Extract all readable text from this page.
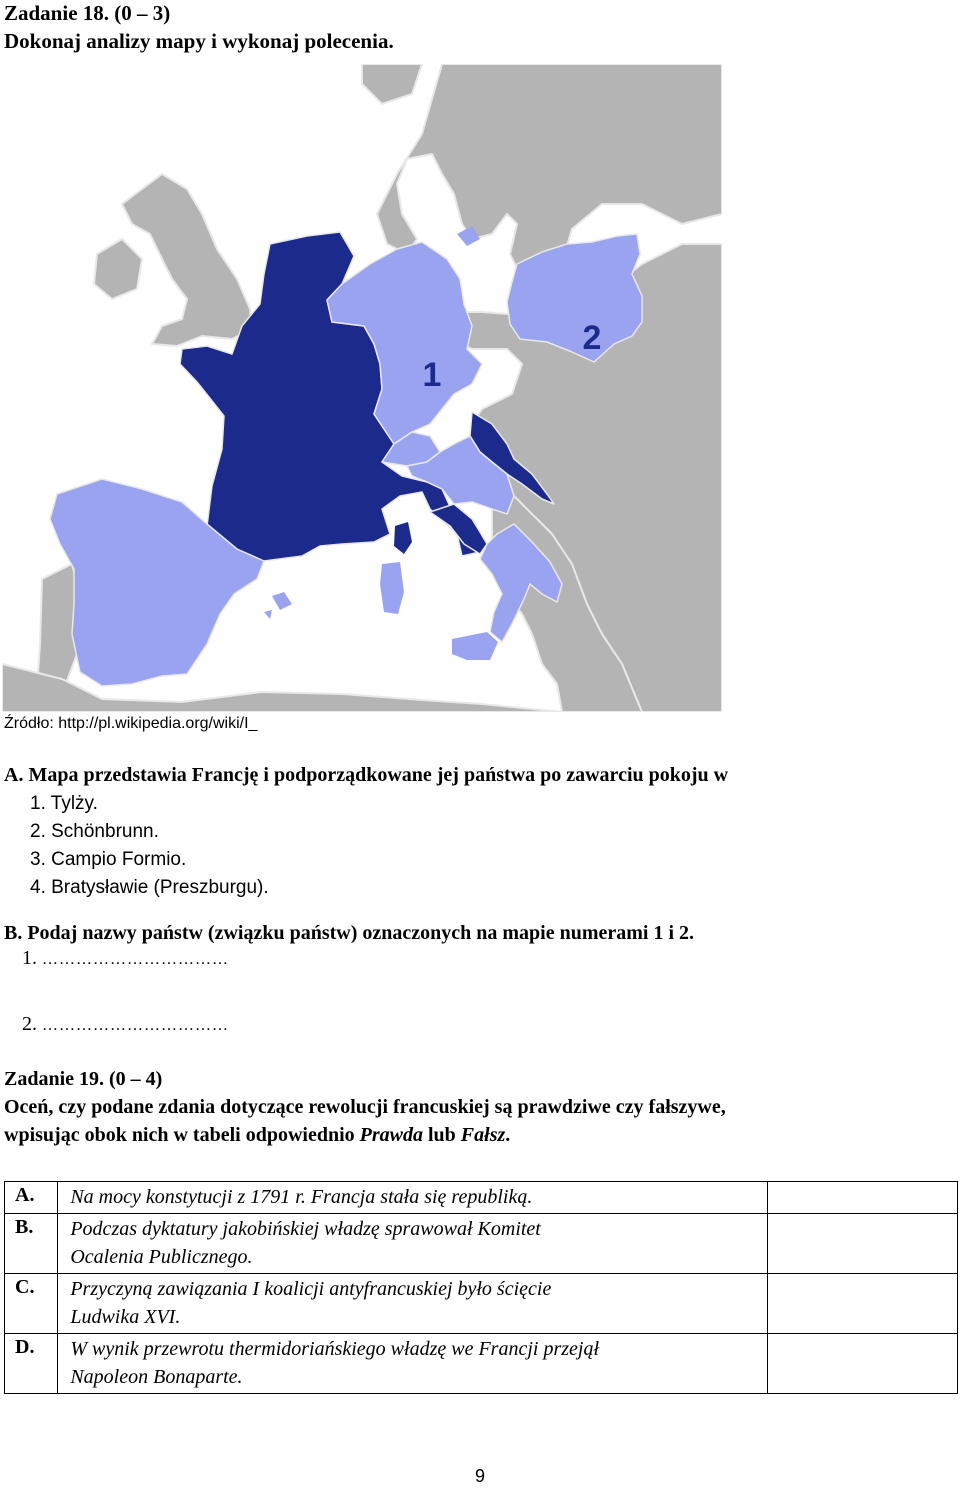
Zadanie 18. (0 – 3)
Dokonaj analizy mapy i wykonaj polecenia.
1
2
Źródło: http://pl.wikipedia.org/wiki/I_
A. Mapa przedstawia Francję i podporządkowane jej państwa po zawarciu pokoju w
1. Tylży.
2. Schönbrunn.
3. Campio Formio.
4. Bratysławie (Preszburgu).
B. Podaj nazwy państw (związku państw) oznaczonych na mapie numerami 1 i 2.
1. ……………………………
2. ……………………………
Zadanie 19. (0 – 4)
Oceń, czy podane zdania dotyczące rewolucji francuskiej są prawdziwe czy fałszywe,
wpisując obok nich w tabeli odpowiednio Prawda lub Fałsz.
A.	Na mocy konstytucji z 1791 r. Francja stała się republiką.	
B.	Podczas dyktatury jakobińskiej władzę sprawował Komitet
Ocalenia Publicznego.	
C.	Przyczyną zawiązania I koalicji antyfrancuskiej było ścięcie
Ludwika XVI.	
D.	W wynik przewrotu thermidoriańskiego władzę we Francji przejął
Napoleon Bonaparte.	
9
